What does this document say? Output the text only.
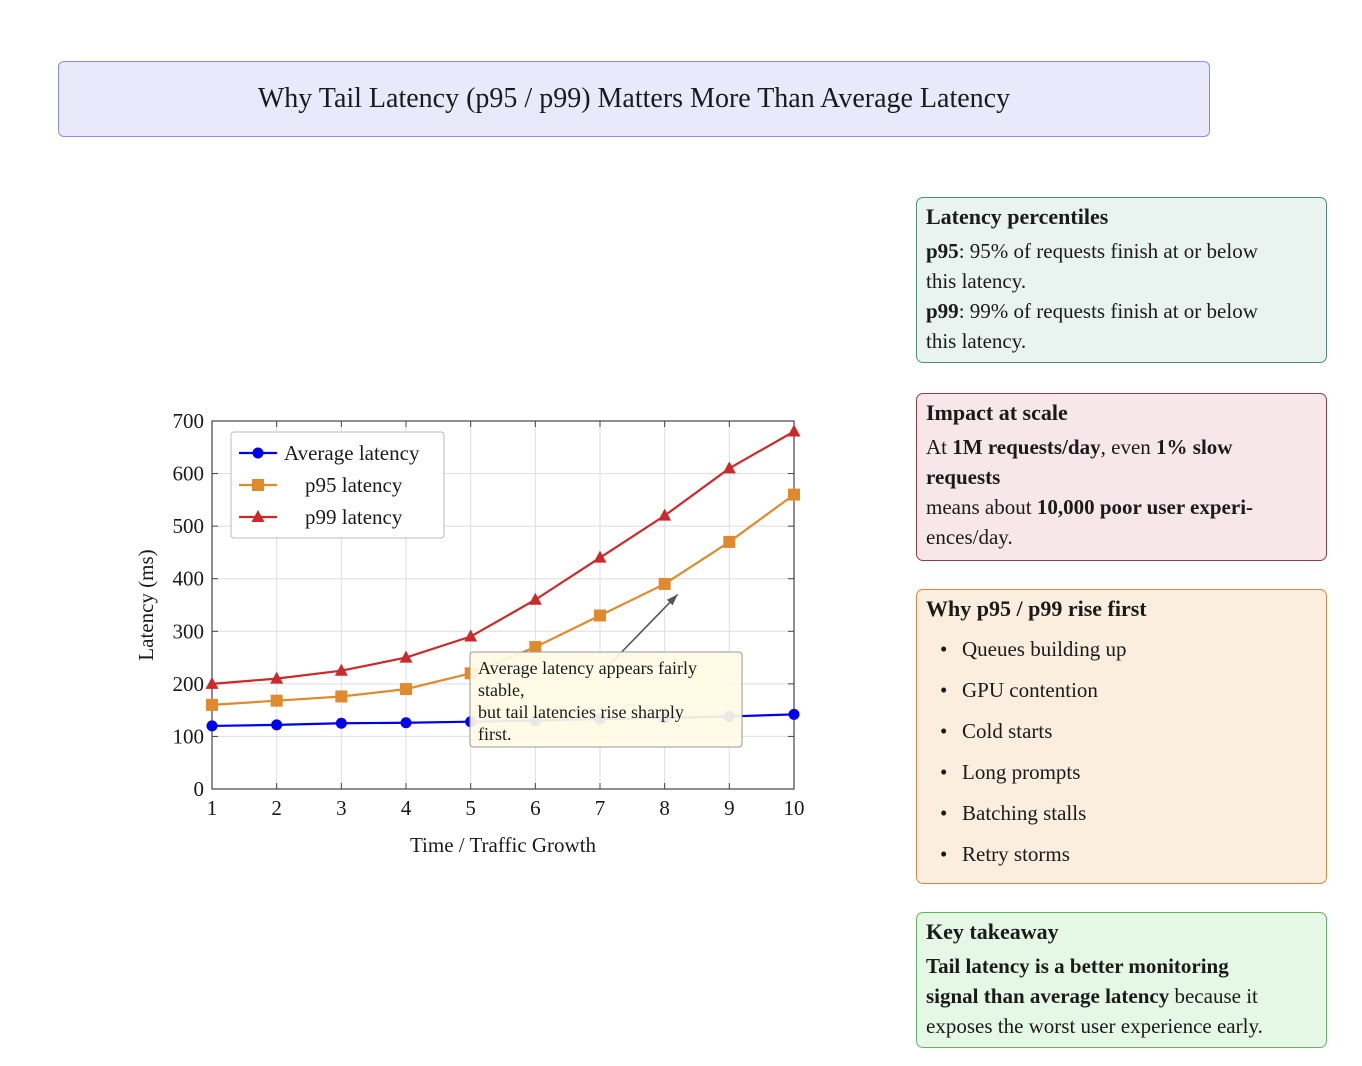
Why Tail Latency (p95 / p99) Matters More Than Average Latency
1	2	3	4	5	6	7	8	9 10
0
100
200
300
400
500
600
700
Time / Traffic Growth
Latency (ms)
Average latency
p95 latency
p99 latency
Average latency appears fairly
stable,
but tail latencies rise sharply
first.
Latency percentiles
p95: 95% of requests finish at or below
this latency.
p99: 99% of requests finish at or below
this latency.
Impact at scale
At 1M requests/day, even 1% slow
requests
means about 10,000 poor user experi-
ences/day.
Why p95 / p99 rise first
• Queues building up
• GPU contention
• Cold starts
• Long prompts
• Batching stalls
• Retry storms
Key takeaway
Tail latency is a better monitoring
signal than average latency because it
exposes the worst user experience early.
